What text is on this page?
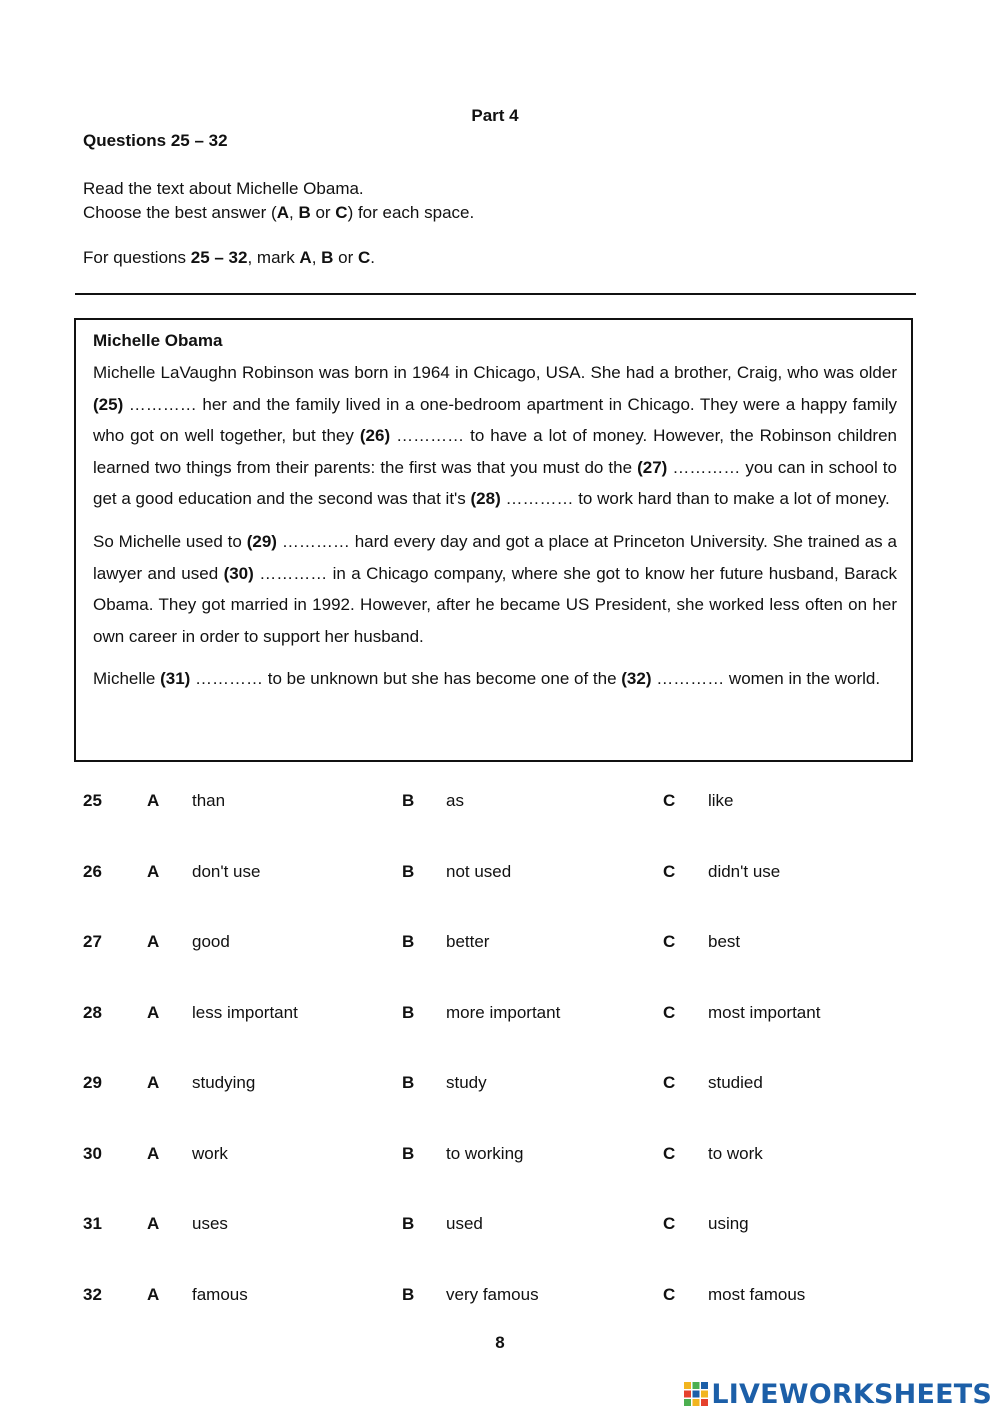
Part 4
Questions 25 – 32
Read the text about Michelle Obama.
Choose the best answer (A, B or C) for each space.
For questions 25 – 32, mark A, B or C.
Michelle Obama

Michelle LaVaughn Robinson was born in 1964 in Chicago, USA. She had a brother, Craig, who was older (25) ………… her and the family lived in a one-bedroom apartment in Chicago. They were a happy family who got on well together, but they (26) ………… to have a lot of money. However, the Robinson children learned two things from their parents: the first was that you must do the (27) ………… you can in school to get a good education and the second was that it's (28) ………… to work hard than to make a lot of money.

So Michelle used to (29) ………… hard every day and got a place at Princeton University. She trained as a lawyer and used (30) ………… in a Chicago company, where she got to know her future husband, Barack Obama. They got married in 1992. However, after he became US President, she worked less often on her own career in order to support her husband.

Michelle (31) ………… to be unknown but she has become one of the (32) ………… women in the world.

25	A than	B as	C like
26	A don't use	B not used	C didn't use
27	A good	B better	C best
28	A less important	B more important	C most important
29	A studying	B study	C studied
30	A work	B to working	C to work
31	A uses	B used	C using
32	A famous	B very famous	C most famous
8
LIVEWORKSHEETS
